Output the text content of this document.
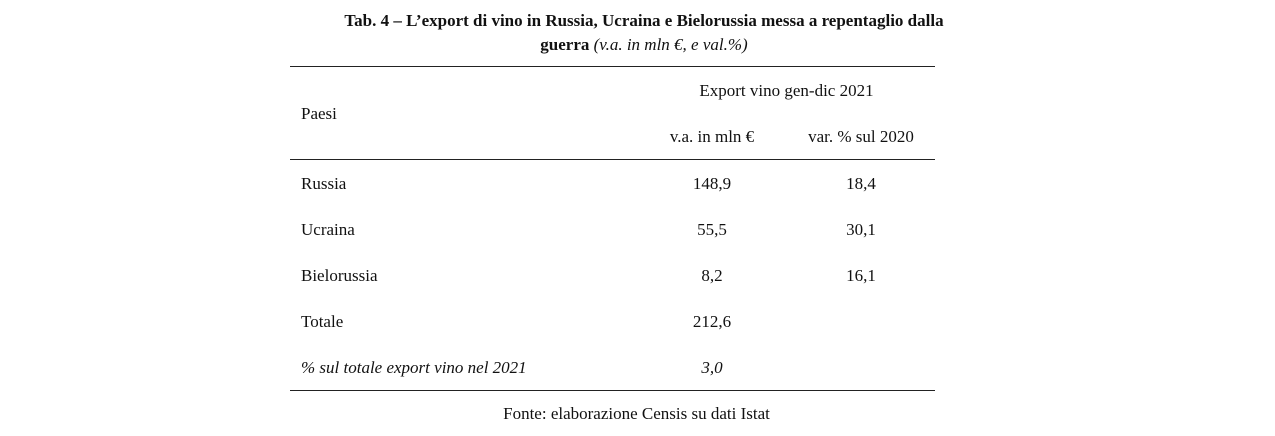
Tab. 4 – L’export di vino in Russia, Ucraina e Bielorussia messa a repentaglio dalla
guerra (v.a. in mln €, e val.%)
Paesi
Export vino gen-dic 2021
v.a. in mln €	var. % sul 2020
Russia	148,9	18,4
Ucraina	55,5	30,1
Bielorussia	8,2	16,1
Totale	212,6
% sul totale export vino nel 2021	3,0
Fonte: elaborazione Censis su dati Istat
